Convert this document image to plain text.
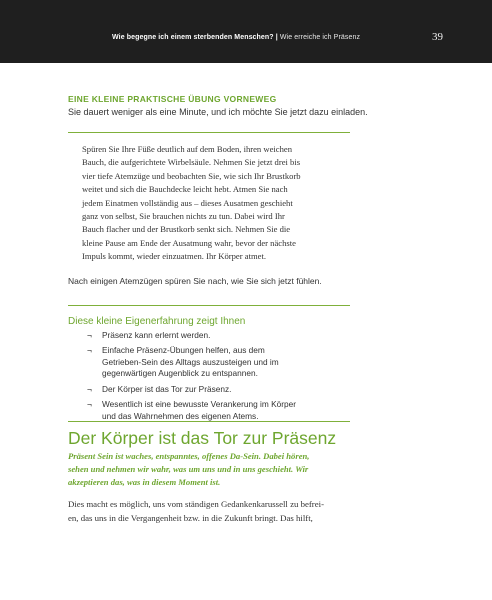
Wie begegne ich einem sterbenden Menschen? | Wie erreiche ich Präsenz	39
EINE KLEINE PRAKTISCHE ÜBUNG VORNEWEG
Sie dauert weniger als eine Minute, und ich möchte Sie jetzt dazu einladen.
Spüren Sie Ihre Füße deutlich auf dem Boden, ihren weichen
Bauch, die aufgerichtete Wirbelsäule. Nehmen Sie jetzt drei bis
vier tiefe Atemzüge und beobachten Sie, wie sich Ihr Brustkorb
weitet und sich die Bauchdecke leicht hebt. Atmen Sie nach
jedem Einatmen vollständig aus – dieses Ausatmen geschieht
ganz von selbst, Sie brauchen nichts zu tun. Dabei wird Ihr
Bauch flacher und der Brustkorb senkt sich. Nehmen Sie die
kleine Pause am Ende der Ausatmung wahr, bevor der nächste
Impuls kommt, wieder einzuatmen. Ihr Körper atmet.
Nach einigen Atemzügen spüren Sie nach, wie Sie sich jetzt fühlen.
Diese kleine Eigenerfahrung zeigt Ihnen
¬ Präsenz kann erlernt werden.
¬ Einfache Präsenz-Übungen helfen, aus dem
Getrieben-Sein des Alltags auszusteigen und im
gegenwärtigen Augenblick zu entspannen.
¬ Der Körper ist das Tor zur Präsenz.
¬ Wesentlich ist eine bewusste Verankerung im Körper
und das Wahrnehmen des eigenen Atems.
Der Körper ist das Tor zur Präsenz
Präsent Sein ist waches, entspanntes, offenes Da-Sein. Dabei hören,
sehen und nehmen wir wahr, was um uns und in uns geschieht. Wir
akzeptieren das, was in diesem Moment ist.
Dies macht es möglich, uns vom ständigen Gedankenkarussell zu befrei-
en, das uns in die Vergangenheit bzw. in die Zukunft bringt. Das hilft,
